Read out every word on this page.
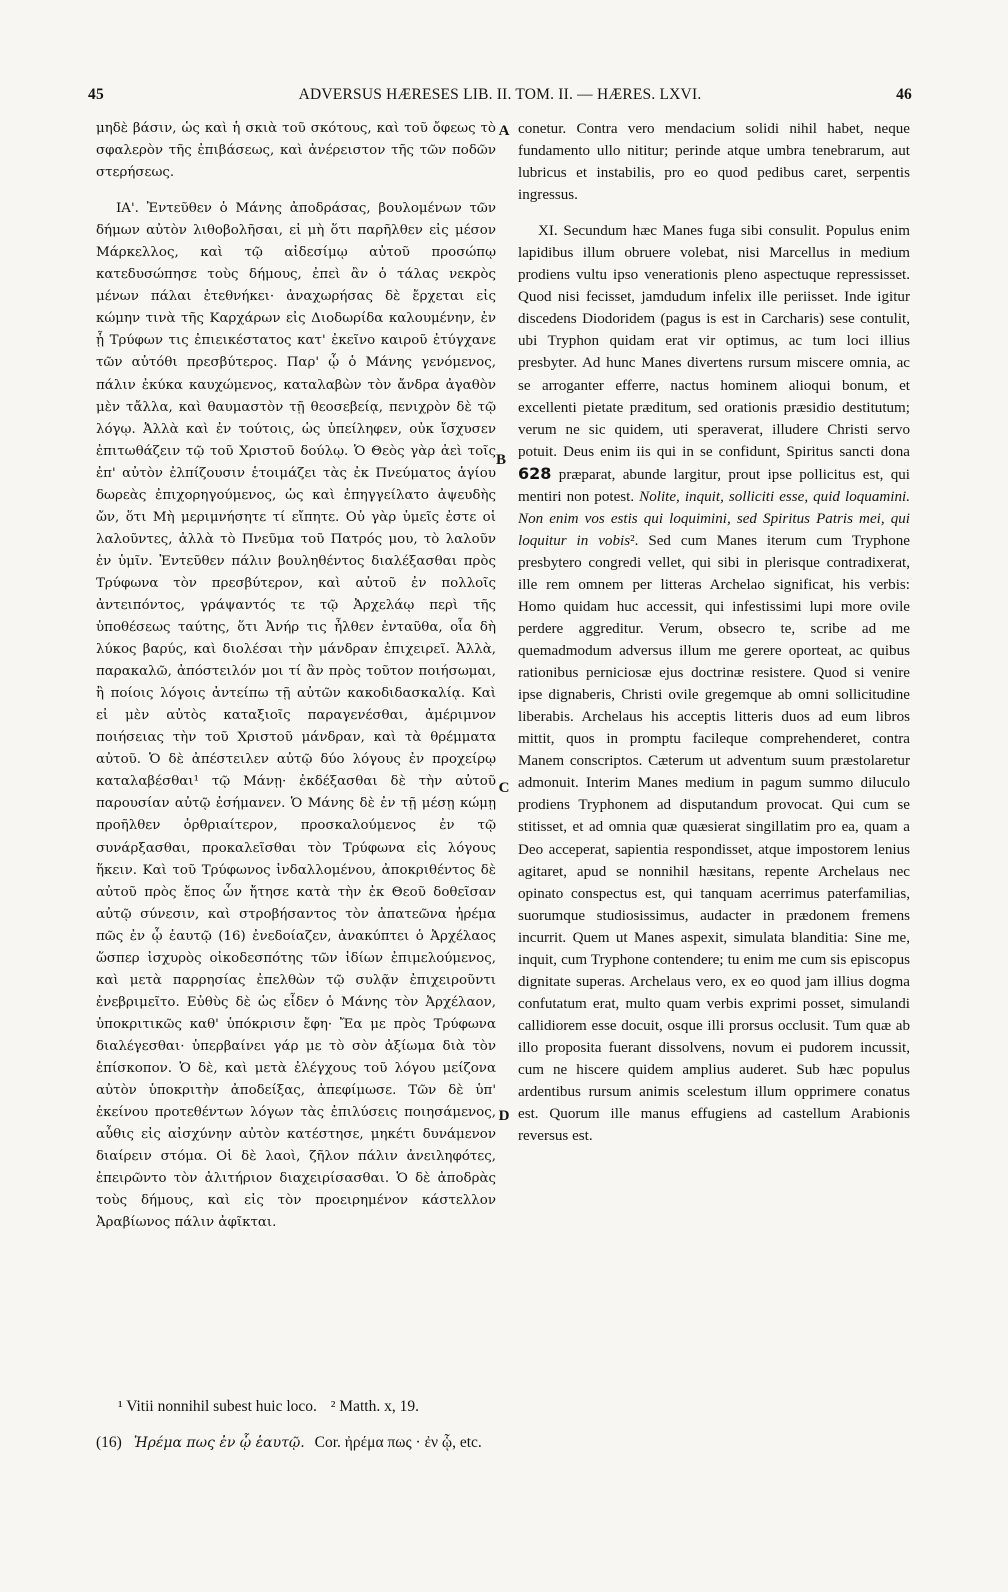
45	ADVERSUS HÆRESES LIB. II. TOM. II. — HÆRES. LXVI.	46

μηδὲ βάσιν, ὡς καὶ ἡ σκιὰ τοῦ σκότους, καὶ τοῦ ὄφεως τὸ σφαλερὸν τῆς ἐπιβάσεως, καὶ ἀνέρειστον τῆς τῶν ποδῶν στερήσεως.

ΙΑ'. Ἐντεῦθεν ὁ Μάνης ἀποδράσας, βουλομένων τῶν δήμων αὐτὸν λιθοβολῆσαι, εἰ μὴ ὅτι παρῆλθεν εἰς μέσον Μάρκελλος, καὶ τῷ αἰδεσίμῳ αὐτοῦ προσώπῳ κατεδυσώπησε τοὺς δήμους, ἐπεὶ ἂν ὁ τάλας νεκρὸς μένων πάλαι ἐτεθνήκει· ἀναχωρήσας δὲ ἔρχεται εἰς κώμην τινὰ τῆς Καρχάρων εἰς Διοδωρίδα καλουμένην, ἐν ᾗ Τρύφων τις ἐπιεικέστατος κατ' ἐκεῖνο καιροῦ ἐτύγχανε τῶν αὐτόθι πρεσβύτερος. Παρ' ᾧ ὁ Μάνης γενόμενος, πάλιν ἐκύκα καυχώμενος, καταλαβὼν τὸν ἄνδρα ἀγαθὸν μὲν τἄλλα, καὶ θαυμαστὸν τῇ θεοσεβείᾳ, πενιχρὸν δὲ τῷ λόγῳ. Ἀλλὰ καὶ ἐν τούτοις, ὡς ὑπείληφεν, οὐκ ἴσχυσεν ἐπιτωθάζειν τῷ τοῦ Χριστοῦ δούλῳ. Ὁ Θεὸς γὰρ ἀεὶ τοῖς ἐπ' αὐτὸν ἐλπίζουσιν ἑτοιμάζει τὰς ἐκ Πνεύματος ἁγίου δωρεὰς ἐπιχορηγούμενος, ὡς καὶ ἐπηγγείλατο ἀψευδὴς ὤν, ὅτι Μὴ μεριμνήσητε τί εἴπητε. Οὐ γὰρ ὑμεῖς ἐστε οἱ λαλοῦντες, ἀλλὰ τὸ Πνεῦμα τοῦ Πατρός μου, τὸ λαλοῦν ἐν ὑμῖν. Ἐντεῦθεν πάλιν βουληθέντος διαλέξασθαι πρὸς Τρύφωνα τὸν πρεσβύτερον, καὶ αὐτοῦ ἐν πολλοῖς ἀντειπόντος, γράψαντός τε τῷ Ἀρχελάῳ περὶ τῆς ὑποθέσεως ταύτης, ὅτι Ἀνήρ τις ἦλθεν ἐνταῦθα, οἷα δὴ λύκος βαρύς, καὶ διολέσαι τὴν μάνδραν ἐπιχειρεῖ. Ἀλλὰ, παρακαλῶ, ἀπόστειλόν μοι τί ἂν πρὸς τοῦτον ποιήσωμαι, ἢ ποίοις λόγοις ἀντείπω τῇ αὐτῶν κακοδιδασκαλίᾳ. Καὶ εἰ μὲν αὐτὸς καταξιοῖς παραγενέσθαι, ἀμέριμνον ποιήσειας τὴν τοῦ Χριστοῦ μάνδραν, καὶ τὰ θρέμματα αὐτοῦ. Ὁ δὲ ἀπέστειλεν αὐτῷ δύο λόγους ἐν προχείρῳ καταλαβέσθαι¹ τῷ Μάνῃ· ἐκδέξασθαι δὲ τὴν αὐτοῦ παρουσίαν αὐτῷ ἐσήμανεν. Ὁ Μάνης δὲ ἐν τῇ μέσῃ κώμῃ προῆλθεν ὀρθριαίτερον, προσκαλούμενος ἐν τῷ συνάρξασθαι, προκαλεῖσθαι τὸν Τρύφωνα εἰς λόγους ἥκειν. Καὶ τοῦ Τρύφωνος ἰνδαλλομένου, ἀποκριθέντος δὲ αὐτοῦ πρὸς ἔπος ὧν ἤτησε κατὰ τὴν ἐκ Θεοῦ δοθεῖσαν αὐτῷ σύνεσιν, καὶ στροβήσαντος τὸν ἀπατεῶνα ἠρέμα πῶς ἐν ᾧ ἑαυτῷ (16) ἐνεδοίαζεν, ἀνακύπτει ὁ Ἀρχέλαος ὥσπερ ἰσχυρὸς οἰκοδεσπότης τῶν ἰδίων ἐπιμελούμενος, καὶ μετὰ παρρησίας ἐπελθὼν τῷ συλᾷν ἐπιχειροῦντι ἐνεβριμεῖτο. Εὐθὺς δὲ ὡς εἶδεν ὁ Μάνης τὸν Ἀρχέλαον, ὑποκριτικῶς καθ' ὑπόκρισιν ἔφη· Ἔα με πρὸς Τρύφωνα διαλέγεσθαι· ὑπερβαίνει γάρ με τὸ σὸν ἀξίωμα διὰ τὸν ἐπίσκοπον. Ὁ δὲ, καὶ μετὰ ἐλέγχους τοῦ λόγου μείζονα αὐτὸν ὑποκριτὴν ἀποδείξας, ἀπεφίμωσε. Τῶν δὲ ὑπ' ἐκείνου προτεθέντων λόγων τὰς ἐπιλύσεις ποιησάμενος, αὖθις εἰς αἰσχύνην αὐτὸν κατέστησε, μηκέτι δυνάμενον διαίρειν στόμα. Οἱ δὲ λαοὶ, ζῆλον πάλιν ἀνειληφότες, ἐπειρῶντο τὸν ἀλιτήριον διαχειρίσασθαι. Ὁ δὲ ἀποδρὰς τοὺς δήμους, καὶ εἰς τὸν προειρημένον κάστελλον Ἀραβίωνος πάλιν ἀφῖκται.

A
B
C
D

conetur. Contra vero mendacium solidi nihil habet, neque fundamento ullo nititur; perinde atque umbra tenebrarum, aut lubricus et instabilis, pro eo quod pedibus caret, serpentis ingressus.

XI. Secundum hæc Manes fuga sibi consulit. Populus enim lapidibus illum obruere volebat, nisi Marcellus in medium prodiens vultu ipso venerationis pleno aspectuque repressisset. Quod nisi fecisset, jamdudum infelix ille periisset. Inde igitur discedens Diodoridem (pagus is est in Carcharis) sese contulit, ubi Tryphon quidam erat vir optimus, ac tum loci illius presbyter. Ad hunc Manes divertens rursum miscere omnia, ac se arroganter efferre, nactus hominem alioqui bonum, et excellenti pietate præditum, sed orationis præsidio destitutum; verum ne sic quidem, uti speraverat, illudere Christi servo potuit. Deus enim iis qui in se confidunt, Spiritus sancti dona 628 præparat, abunde largitur, prout ipse pollicitus est, qui mentiri non potest. Nolite, inquit, solliciti esse, quid loquamini. Non enim vos estis qui loquimini, sed Spiritus Patris mei, qui loquitur in vobis². Sed cum Manes iterum cum Tryphone presbytero congredi vellet, qui sibi in plerisque contradixerat, ille rem omnem per litteras Archelao significat, his verbis: Homo quidam huc accessit, qui infestissimi lupi more ovile perdere aggreditur. Verum, obsecro te, scribe ad me quemadmodum adversus illum me gerere oporteat, ac quibus rationibus perniciosæ ejus doctrinæ resistere. Quod si venire ipse dignaberis, Christi ovile gregemque ab omni sollicitudine liberabis. Archelaus his acceptis litteris duos ad eum libros mittit, quos in promptu facileque comprehenderet, contra Manem conscriptos. Cæterum ut adventum suum præstolaretur admonuit. Interim Manes medium in pagum summo diluculo prodiens Tryphonem ad disputandum provocat. Qui cum se stitisset, et ad omnia quæ quæsierat singillatim pro ea, quam a Deo acceperat, sapientia respondisset, atque impostorem lenius agitaret, apud se nonnihil hæsitans, repente Archelaus nec opinato conspectus est, qui tanquam acerrimus paterfamilias, suorumque studiosissimus, audacter in prædonem fremens incurrit. Quem ut Manes aspexit, simulata blanditia: Sine me, inquit, cum Tryphone contendere; tu enim me cum sis episcopus dignitate superas. Archelaus vero, ex eo quod jam illius dogma confutatum erat, multo quam verbis exprimi posset, simulandi callidiorem esse docuit, osque illi prorsus occlusit. Tum quæ ab illo proposita fuerant dissolvens, novum ei pudorem incussit, cum ne hiscere quidem amplius auderet. Sub hæc populus ardentibus rursum animis scelestum illum opprimere conatus est. Quorum ille manus effugiens ad castellum Arabionis reversus est.

¹ Vitii nonnihil subest huic loco. ² Matth. x, 19.
(16) Ἠρέμα πως ἐν ᾧ ἑαυτῷ. Cor. ἠρέμα πως · ἐν ᾧ, etc.
